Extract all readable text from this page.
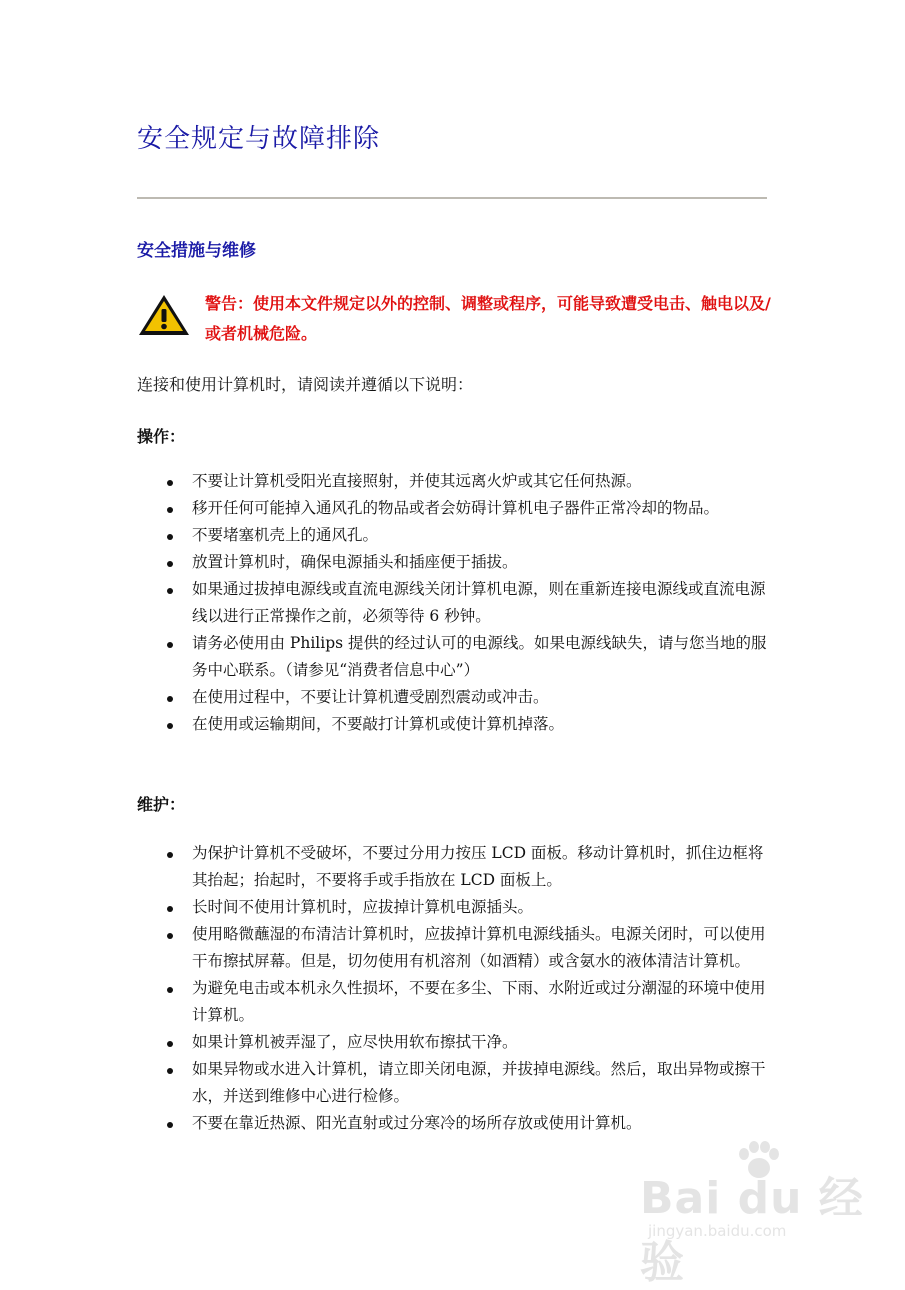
安全规定与故障排除
安全措施与维修
警告：使用本文件规定以外的控制、调整或程序，可能导致遭受电击、触电以及/或者机械危险。
连接和使用计算机时，请阅读并遵循以下说明：
操作：
不要让计算机受阳光直接照射，并使其远离火炉或其它任何热源。
移开任何可能掉入通风孔的物品或者会妨碍计算机电子器件正常冷却的物品。
不要堵塞机壳上的通风孔。
放置计算机时，确保电源插头和插座便于插拔。
如果通过拔掉电源线或直流电源线关闭计算机电源，则在重新连接电源线或直流电源线以进行正常操作之前，必须等待 6 秒钟。
请务必使用由 Philips 提供的经过认可的电源线。如果电源线缺失，请与您当地的服务中心联系。（请参见“消费者信息中心”）
在使用过程中，不要让计算机遭受剧烈震动或冲击。
在使用或运输期间，不要敲打计算机或使计算机掉落。
维护：
为保护计算机不受破坏，不要过分用力按压 LCD 面板。移动计算机时，抓住边框将其抬起；抬起时，不要将手或手指放在 LCD 面板上。
长时间不使用计算机时，应拔掉计算机电源插头。
使用略微蘸湿的布清洁计算机时，应拔掉计算机电源线插头。电源关闭时，可以使用干布擦拭屏幕。但是，切勿使用有机溶剂（如酒精）或含氨水的液体清洁计算机。
为避免电击或本机永久性损坏，不要在多尘、下雨、水附近或过分潮湿的环境中使用计算机。
如果计算机被弄湿了，应尽快用软布擦拭干净。
如果异物或水进入计算机，请立即关闭电源，并拔掉电源线。然后，取出异物或擦干水，并送到维修中心进行检修。
不要在靠近热源、阳光直射或过分寒冷的场所存放或使用计算机。
Bai du 经验
jingyan.baidu.com
